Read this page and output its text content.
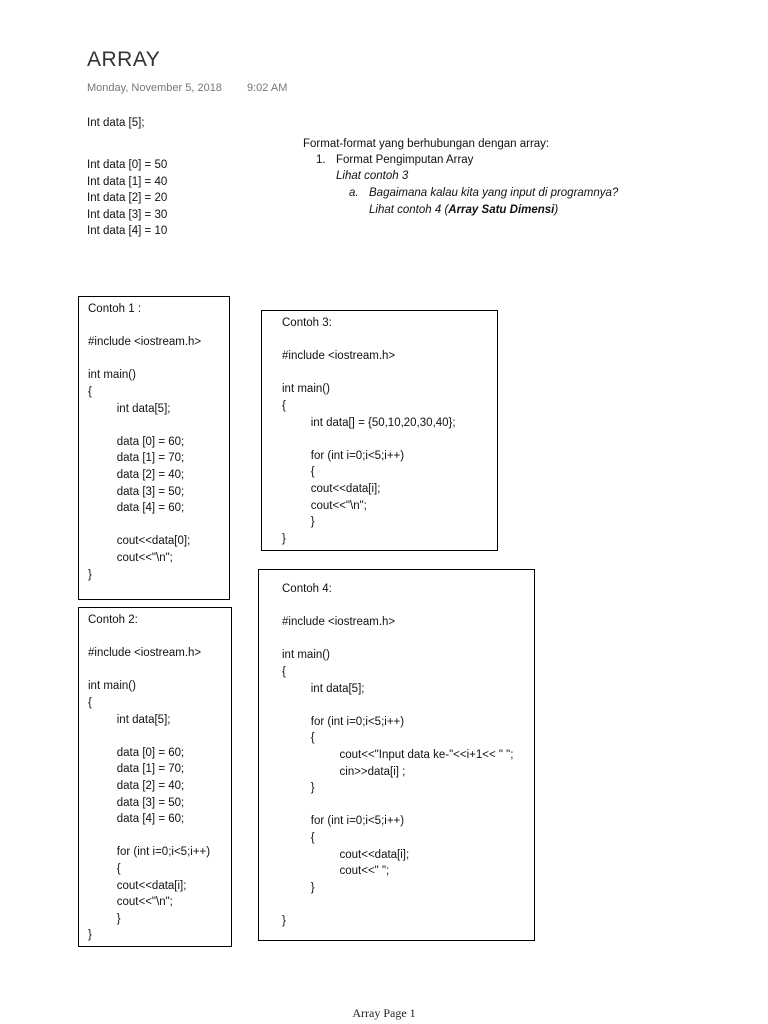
ARRAY
Monday, November 5, 2018 9:02 AM
Int data [5];
Int data [0] = 50
Int data [1] = 40
Int data [2] = 20
Int data [3] = 30
Int data [4] = 10
Format-format yang berhubungan dengan array:
1. Format Pengimputan Array
Lihat contoh 3
a. Bagaimana kalau kita yang input di programnya?
Lihat contoh 4 (Array Satu Dimensi)
Contoh 1 :

#include <iostream.h>

int main()
{
int data[5];

data [0] = 60;
data [1] = 70;
data [2] = 40;
data [3] = 50;
data [4] = 60;

cout<<data[0];
cout<<"\n";
}
Contoh 2:

#include <iostream.h>

int main()
{
int data[5];

data [0] = 60;
data [1] = 70;
data [2] = 40;
data [3] = 50;
data [4] = 60;

for (int i=0;i<5;i++)
{
cout<<data[i];
cout<<"\n";
}
}
Contoh 3:

#include <iostream.h>

int main()
{
int data[] = {50,10,20,30,40};

for (int i=0;i<5;i++)
{
cout<<data[i];
cout<<"\n";
}
}
Contoh 4:

#include <iostream.h>

int main()
{
int data[5];

for (int i=0;i<5;i++)
{
cout<<"Input data ke-"<<i+1<< " ";
cin>>data[i] ;
}

for (int i=0;i<5;i++)
{
cout<<data[i];
cout<<" ";
}

}
Array Page 1
